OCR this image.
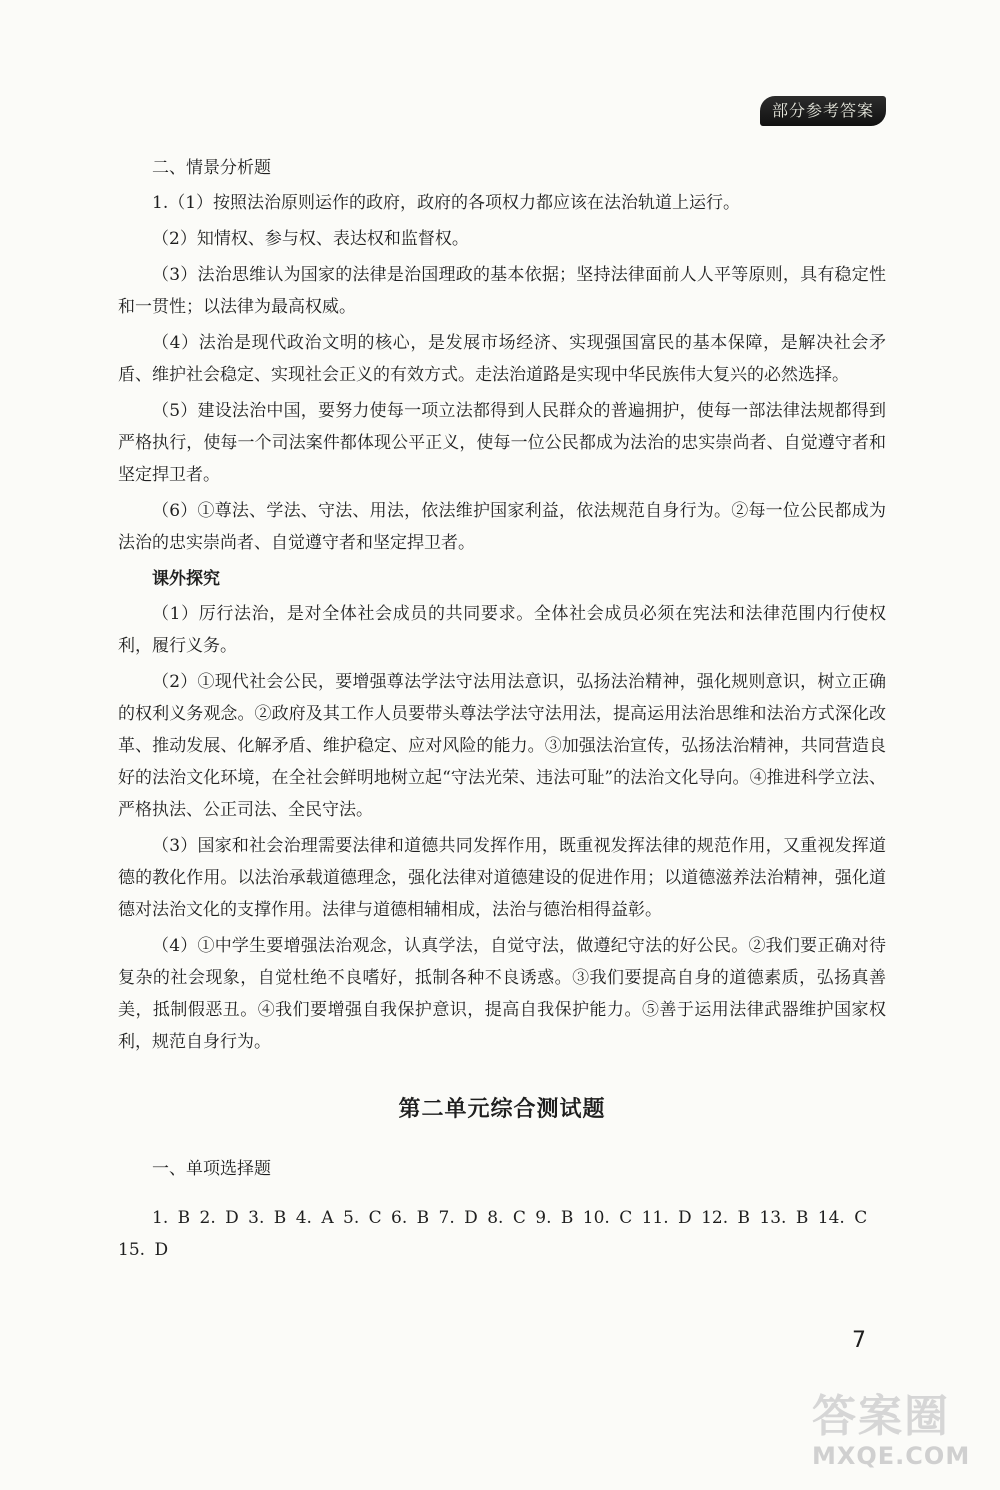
部分参考答案
二、情景分析题

1.（1）按照法治原则运作的政府，政府的各项权力都应该在法治轨道上运行。

（2）知情权、参与权、表达权和监督权。

（3）法治思维认为国家的法律是治国理政的基本依据；坚持法律面前人人平等原则，具有稳定性和一贯性；以法律为最高权威。

（4）法治是现代政治文明的核心，是发展市场经济、实现强国富民的基本保障，是解决社会矛盾、维护社会稳定、实现社会正义的有效方式。走法治道路是实现中华民族伟大复兴的必然选择。

（5）建设法治中国，要努力使每一项立法都得到人民群众的普遍拥护，使每一部法律法规都得到严格执行，使每一个司法案件都体现公平正义，使每一位公民都成为法治的忠实崇尚者、自觉遵守者和坚定捍卫者。

（6）①尊法、学法、守法、用法，依法维护国家利益，依法规范自身行为。②每一位公民都成为法治的忠实崇尚者、自觉遵守者和坚定捍卫者。

课外探究

（1）厉行法治，是对全体社会成员的共同要求。全体社会成员必须在宪法和法律范围内行使权利，履行义务。

（2）①现代社会公民，要增强尊法学法守法用法意识，弘扬法治精神，强化规则意识，树立正确的权利义务观念。②政府及其工作人员要带头尊法学法守法用法，提高运用法治思维和法治方式深化改革、推动发展、化解矛盾、维护稳定、应对风险的能力。③加强法治宣传，弘扬法治精神，共同营造良好的法治文化环境，在全社会鲜明地树立起“守法光荣、违法可耻”的法治文化导向。④推进科学立法、严格执法、公正司法、全民守法。

（3）国家和社会治理需要法律和道德共同发挥作用，既重视发挥法律的规范作用，又重视发挥道德的教化作用。以法治承载道德理念，强化法律对道德建设的促进作用；以道德滋养法治精神，强化道德对法治文化的支撑作用。法律与道德相辅相成，法治与德治相得益彰。

（4）①中学生要增强法治观念，认真学法，自觉守法，做遵纪守法的好公民。②我们要正确对待复杂的社会现象，自觉杜绝不良嗜好，抵制各种不良诱惑。③我们要提高自身的道德素质，弘扬真善美，抵制假恶丑。④我们要增强自我保护意识，提高自我保护能力。⑤善于运用法律武器维护国家权利，规范自身行为。

第二单元综合测试题
一、单项选择题

1. B 2. D 3. B 4. A 5. C 6. B 7. D 8. C 9. B 10. C 11. D 12. B 13. B 14. C 15. D

7
答案圈
MXQE.COM
